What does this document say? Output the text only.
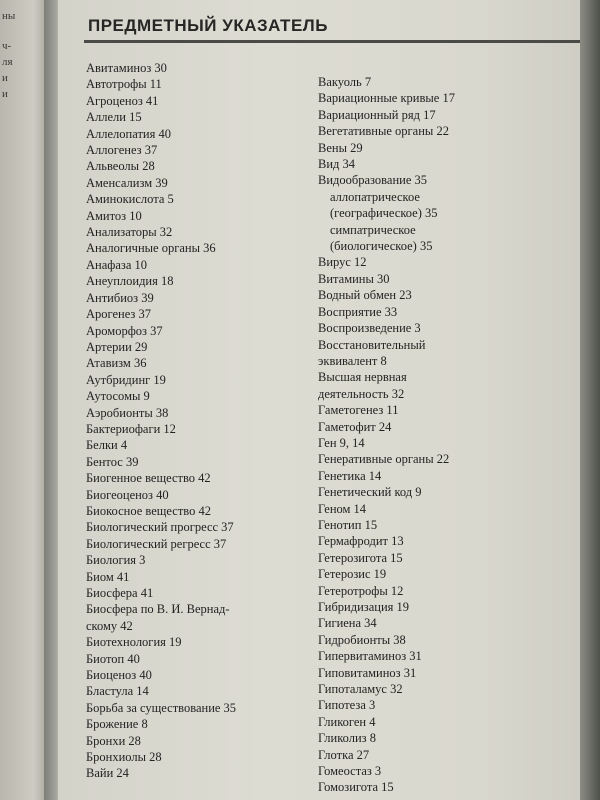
ны
ч-
ля
и
и
ПРЕДМЕТНЫЙ УКАЗАТЕЛЬ
Авитаминоз 30
Автотрофы 11
Агроценоз 41
Аллели 15
Аллелопатия 40
Аллогенез 37
Альвеолы 28
Аменсализм 39
Аминокислота 5
Амитоз 10
Анализаторы 32
Аналогичные органы 36
Анафаза 10
Анеуплоидия 18
Антибиоз 39
Арогенез 37
Ароморфоз 37
Артерии 29
Атавизм 36
Аутбридинг 19
Аутосомы 9
Аэробионты 38
Бактериофаги 12
Белки 4
Бентос 39
Биогенное вещество 42
Биогеоценоз 40
Биокосное вещество 42
Биологический прогресс 37
Биологический регресс 37
Биология 3
Биом 41
Биосфера 41
Биосфера по В. И. Вернад-
скому 42
Биотехнология 19
Биотоп 40
Биоценоз 40
Бластула 14
Борьба за существование 35
Брожение 8
Бронхи 28
Бронхиолы 28
Вайи 24
Вакуоль 7
Вариационные кривые 17
Вариационный ряд 17
Вегетативные органы 22
Вены 29
Вид 34
Видообразование 35
аллопатрическое
(географическое) 35
симпатрическое
(биологическое) 35
Вирус 12
Витамины 30
Водный обмен 23
Восприятие 33
Воспроизведение 3
Восстановительный
эквивалент 8
Высшая нервная
деятельность 32
Гаметогенез 11
Гаметофит 24
Ген 9, 14
Генеративные органы 22
Генетика 14
Генетический код 9
Геном 14
Генотип 15
Гермафродит 13
Гетерозигота 15
Гетерозис 19
Гетеротрофы 12
Гибридизация 19
Гигиена 34
Гидробионты 38
Гипервитаминоз 31
Гиповитаминоз 31
Гипоталамус 32
Гипотеза 3
Гликоген 4
Гликолиз 8
Глотка 27
Гомеостаз 3
Гомозигота 15
